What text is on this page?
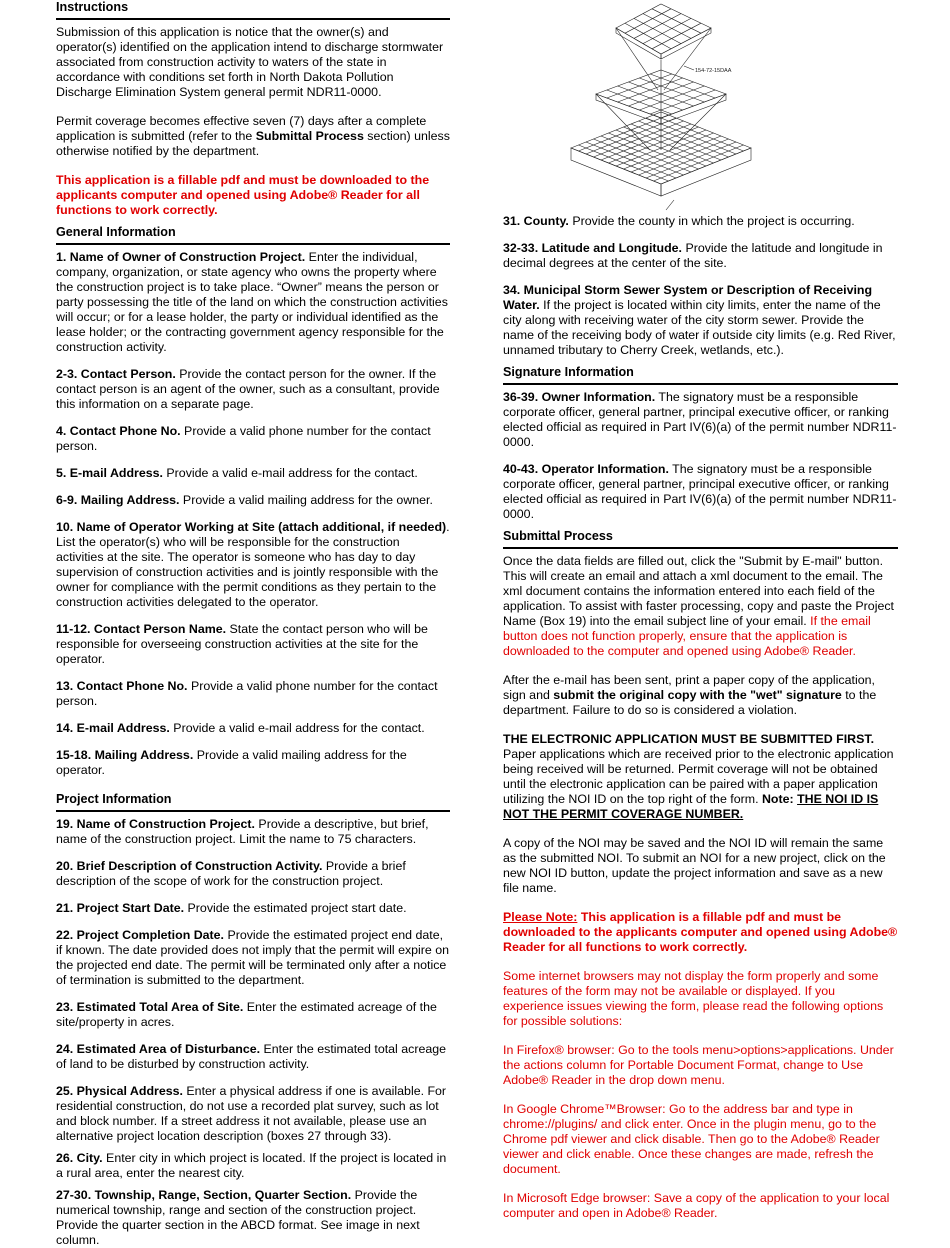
Instructions

Submission of this application is notice that the owner(s) and operator(s) identified on the application intend to discharge stormwater associated from construction activity to waters of the state in accordance with conditions set forth in North Dakota Pollution Discharge Elimination System general permit NDR11-0000.

Permit coverage becomes effective seven (7) days after a complete application is submitted (refer to the Submittal Process section) unless otherwise notified by the department.

This application is a fillable pdf and must be downloaded to the applicants computer and opened using Adobe® Reader for all functions to work correctly.

General Information

1. Name of Owner of Construction Project. Enter the individual, company, organization, or state agency who owns the property where the construction project is to take place. “Owner” means the person or party possessing the title of the land on which the construction activities will occur; or for a lease holder, the party or individual identified as the lease holder; or the contracting government agency responsible for the construction activity.

2-3. Contact Person. Provide the contact person for the owner. If the contact person is an agent of the owner, such as a consultant, provide this information on a separate page.

4. Contact Phone No. Provide a valid phone number for the contact person.

5. E-mail Address. Provide a valid e-mail address for the contact.

6-9. Mailing Address. Provide a valid mailing address for the owner.

10. Name of Operator Working at Site (attach additional, if needed). List the operator(s) who will be responsible for the construction activities at the site. The operator is someone who has day to day supervision of construction activities and is jointly responsible with the owner for compliance with the permit conditions as they pertain to the construction activities delegated to the operator.

11-12. Contact Person Name. State the contact person who will be responsible for overseeing construction activities at the site for the operator.

13. Contact Phone No. Provide a valid phone number for the contact person.

14. E-mail Address. Provide a valid e-mail address for the contact.

15-18. Mailing Address. Provide a valid mailing address for the operator.

Project Information

19. Name of Construction Project. Provide a descriptive, but brief, name of the construction project. Limit the name to 75 characters.

20. Brief Description of Construction Activity. Provide a brief description of the scope of work for the construction project.

21. Project Start Date. Provide the estimated project start date.

22. Project Completion Date. Provide the estimated project end date, if known. The date provided does not imply that the permit will expire on the projected end date. The permit will be terminated only after a notice of termination is submitted to the department.

23. Estimated Total Area of Site. Enter the estimated acreage of the site/property in acres.

24. Estimated Area of Disturbance. Enter the estimated total acreage of land to be disturbed by construction activity.

25. Physical Address. Enter a physical address if one is available. For residential construction, do not use a recorded plat survey, such as lot and block number. If a street address it not available, please use an alternative project location description (boxes 27 through 33).

26. City. Enter city in which project is located. If the project is located in a rural area, enter the nearest city.

27-30. Township, Range, Section, Quarter Section. Provide the numerical township, range and section of the construction project. Provide the quarter section in the ABCD format. See image in next column.

154-72-15DAA

31. County. Provide the county in which the project is occurring.

32-33. Latitude and Longitude. Provide the latitude and longitude in decimal degrees at the center of the site.

34. Municipal Storm Sewer System or Description of Receiving Water. If the project is located within city limits, enter the name of the city along with receiving water of the city storm sewer. Provide the name of the receiving body of water if outside city limits (e.g. Red River, unnamed tributary to Cherry Creek, wetlands, etc.).

Signature Information

36-39. Owner Information. The signatory must be a responsible corporate officer, general partner, principal executive officer, or ranking elected official as required in Part IV(6)(a) of the permit number NDR11-0000.

40-43. Operator Information. The signatory must be a responsible corporate officer, general partner, principal executive officer, or ranking elected official as required in Part IV(6)(a) of the permit number NDR11-0000.

Submittal Process

Once the data fields are filled out, click the "Submit by E-mail" button. This will create an email and attach a xml document to the email. The xml document contains the information entered into each field of the application. To assist with faster processing, copy and paste the Project Name (Box 19) into the email subject line of your email. If the email button does not function properly, ensure that the application is downloaded to the computer and opened using Adobe® Reader.

After the e-mail has been sent, print a paper copy of the application, sign and submit the original copy with the "wet" signature to the department. Failure to do so is considered a violation.

THE ELECTRONIC APPLICATION MUST BE SUBMITTED FIRST.
Paper applications which are received prior to the electronic application being received will be returned. Permit coverage will not be obtained until the electronic application can be paired with a paper application utilizing the NOI ID on the top right of the form. Note: THE NOI ID IS NOT THE PERMIT COVERAGE NUMBER.

A copy of the NOI may be saved and the NOI ID will remain the same as the submitted NOI. To submit an NOI for a new project, click on the new NOI ID button, update the project information and save as a new file name.

Please Note: This application is a fillable pdf and must be downloaded to the applicants computer and opened using Adobe® Reader for all functions to work correctly.

Some internet browsers may not display the form properly and some features of the form may not be available or displayed. If you experience issues viewing the form, please read the following options for possible solutions:

In Firefox® browser: Go to the tools menu>options>applications. Under the actions column for Portable Document Format, change to Use Adobe® Reader in the drop down menu.

In Google Chrome™Browser: Go to the address bar and type in chrome://plugins/ and click enter. Once in the plugin menu, go to the Chrome pdf viewer and click disable. Then go to the Adobe® Reader viewer and click enable. Once these changes are made, refresh the document.

In Microsoft Edge browser: Save a copy of the application to your local computer and open in Adobe® Reader.
